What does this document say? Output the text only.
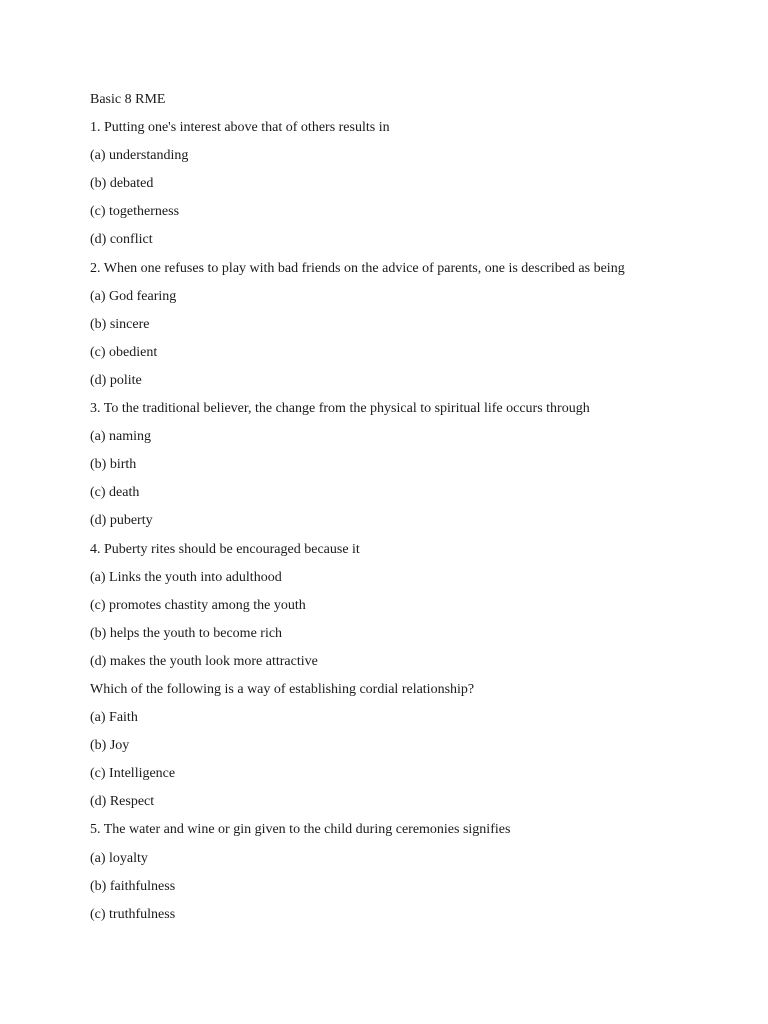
Basic 8 RME
1. Putting one's interest above that of others results in
(a) understanding
(b) debated
(c) togetherness
(d) conflict
2. When one refuses to play with bad friends on the advice of parents, one is described as being
(a) God fearing
(b) sincere
(c) obedient
(d) polite
3. To the traditional believer, the change from the physical to spiritual life occurs through
(a) naming
(b) birth
(c) death
(d) puberty
4. Puberty rites should be encouraged because it
(a) Links the youth into adulthood
(c) promotes chastity among the youth
(b) helps the youth to become rich
(d) makes the youth look more attractive
Which of the following is a way of establishing cordial relationship?
(a) Faith
(b) Joy
(c) Intelligence
(d) Respect
5. The water and wine or gin given to the child during ceremonies signifies
(a) loyalty
(b) faithfulness
(c) truthfulness
